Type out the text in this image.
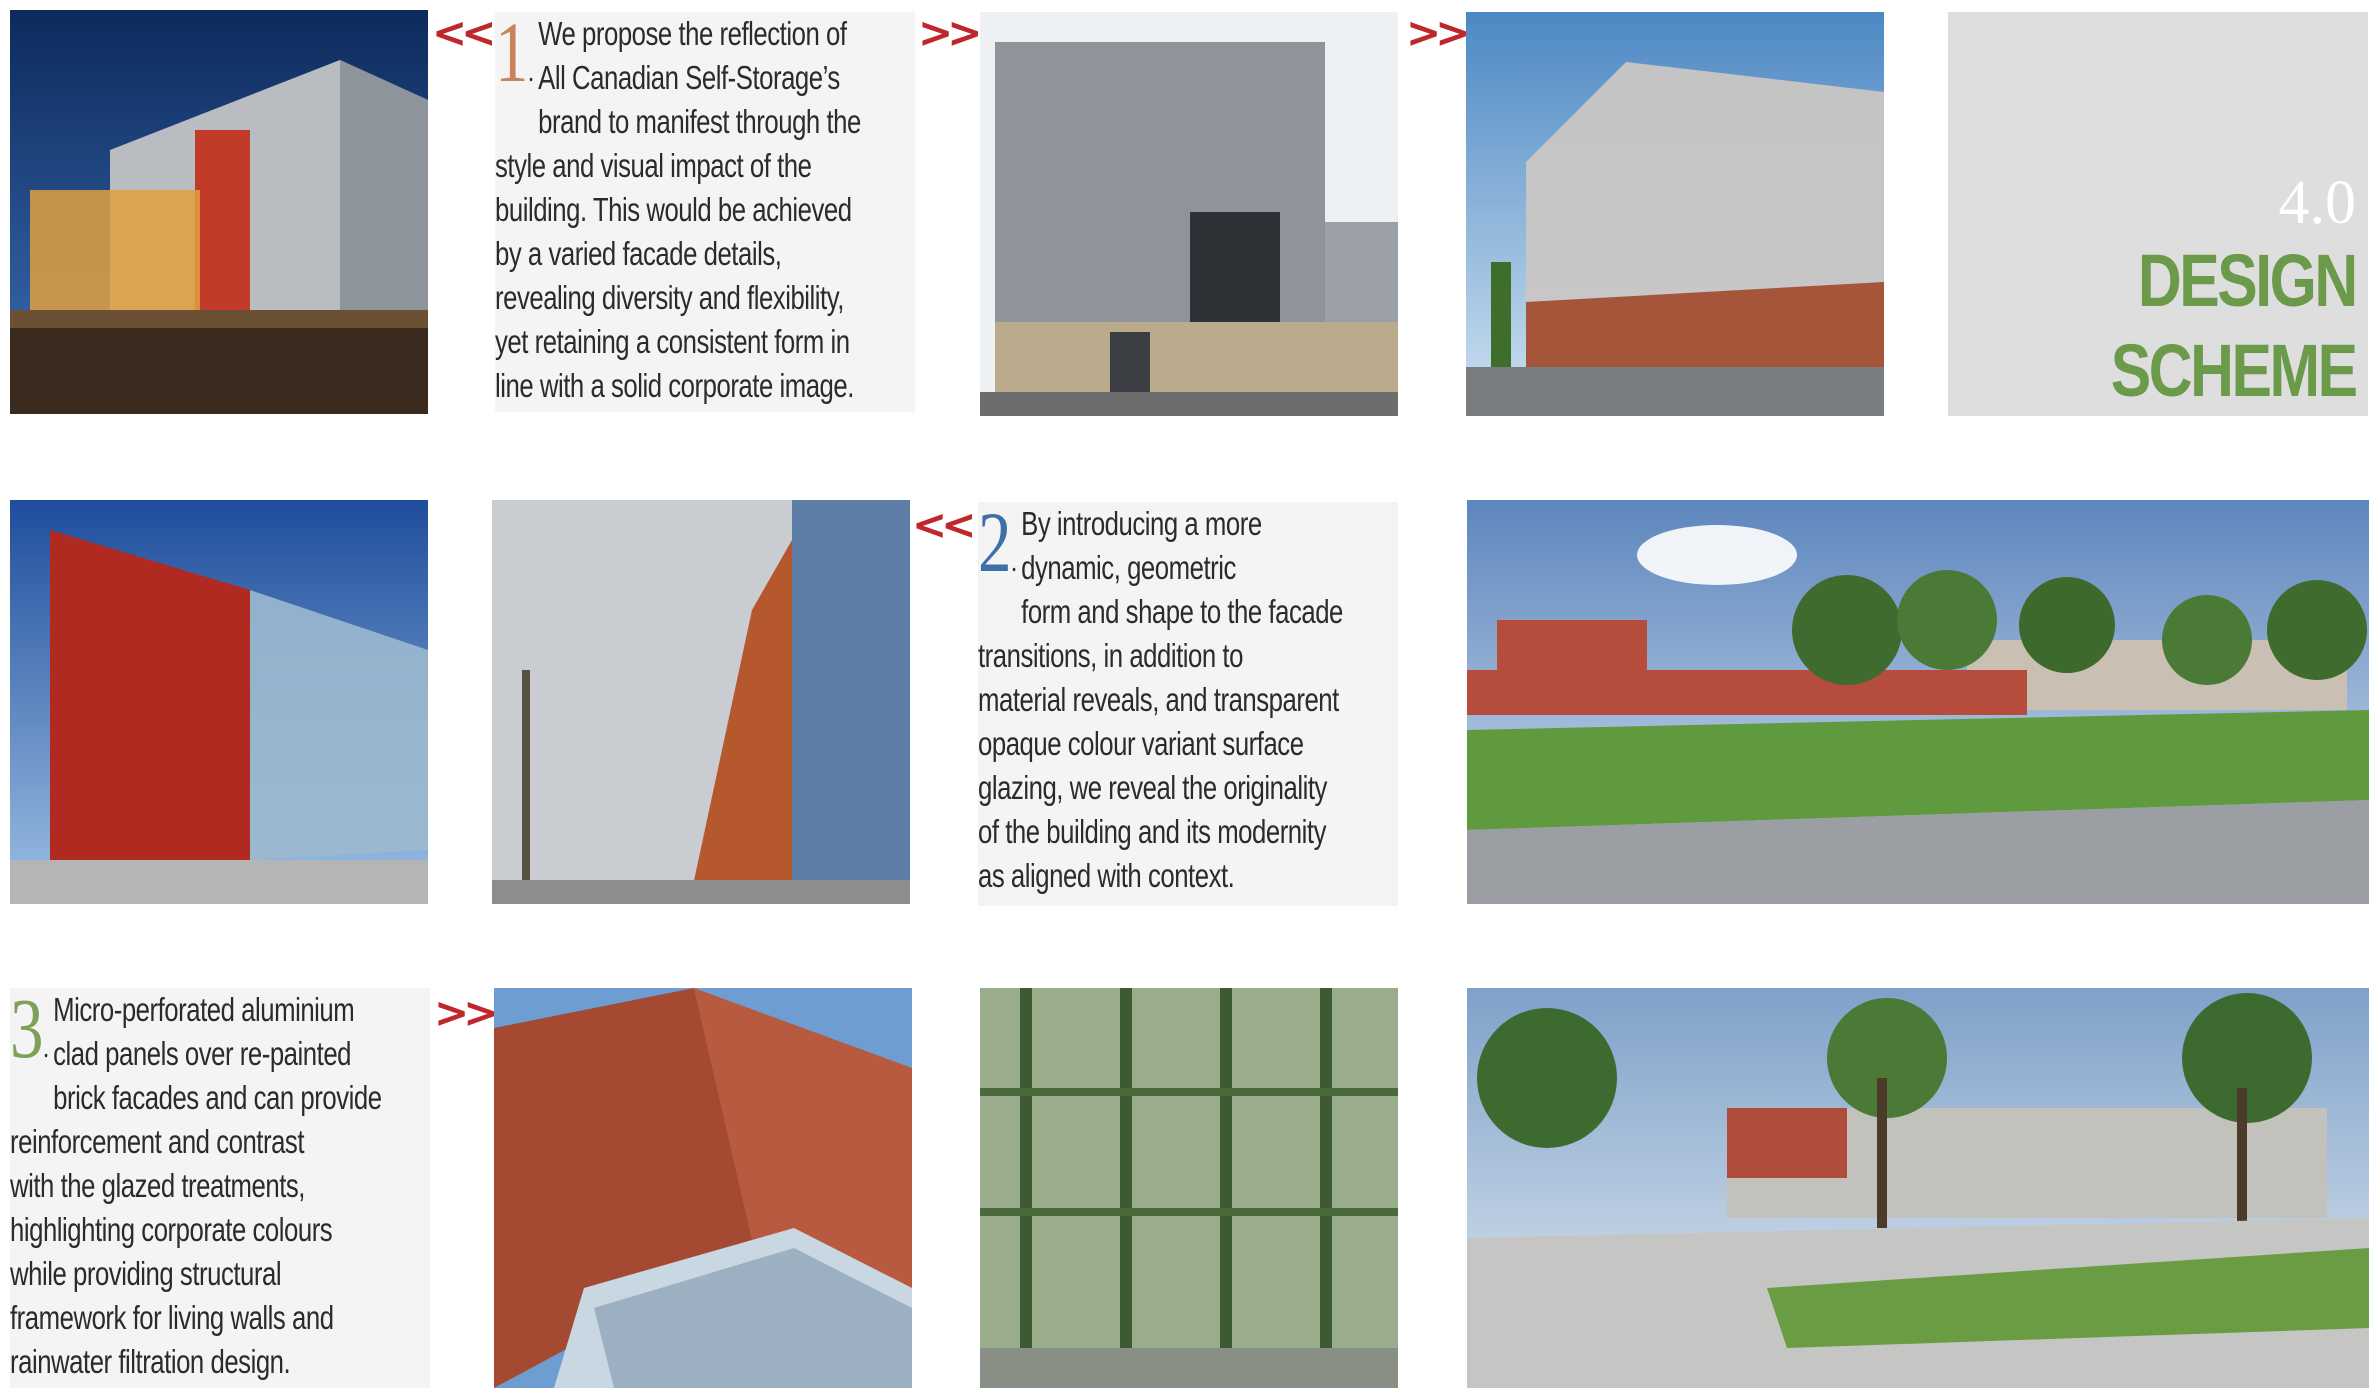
<< 1.
We propose the reflection of
All Canadian Self-Storage’s
brand to manifest through the
style and visual impact of the
building. This would be achieved
by a varied facade details,
revealing diversity and flexibility,
yet retaining a consistent form in
line with a solid corporate image.
>>	>>
4.0
DESIGN
SCHEME
<< 2.
By introducing a more
dynamic, geometric
form and shape to the facade
transitions, in addition to
material reveals, and transparent
opaque colour variant surface
glazing, we reveal the originality
of the building and its modernity
as aligned with context.
3.
Micro-perforated aluminium
clad panels over re-painted
brick facades and can provide
reinforcement and contrast
with the glazed treatments,
highlighting corporate colours
while providing structural
framework for living walls and
rainwater filtration design.
>>
